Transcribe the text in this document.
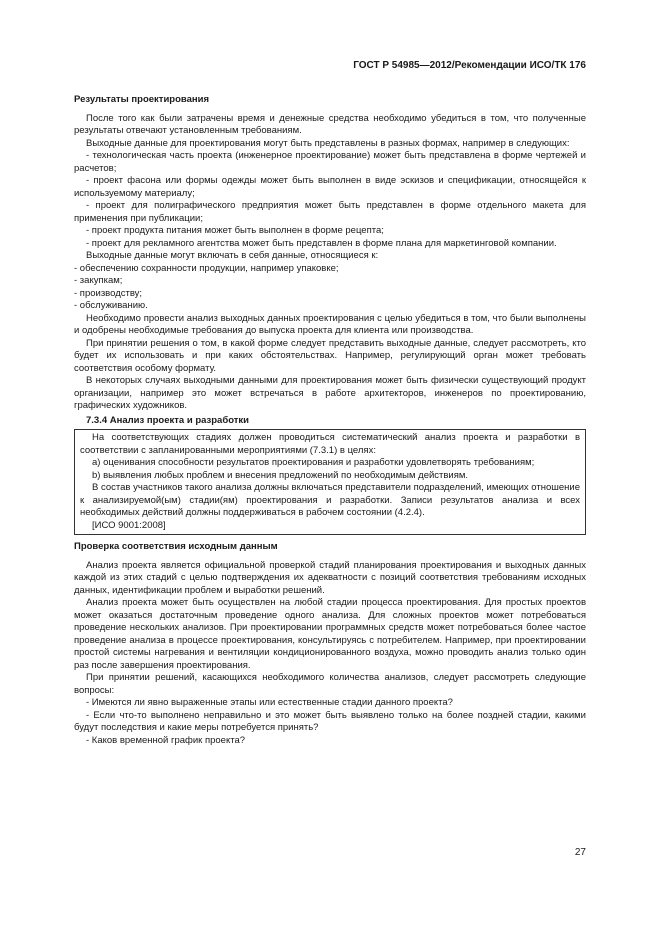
ГОСТ Р 54985—2012/Рекомендации ИСО/ТК 176

Результаты проектирования

После того как были затрачены время и денежные средства необходимо убедиться в том, что полученные результаты отвечают установленным требованиям.

Выходные данные для проектирования могут быть представлены в разных формах, например в следующих:

- технологическая часть проекта (инженерное проектирование) может быть представлена в форме чертежей и расчетов;

- проект фасона или формы одежды может быть выполнен в виде эскизов и спецификации, относящейся к используемому материалу;

- проект для полиграфического предприятия может быть представлен в форме отдельного макета для применения при публикации;

- проект продукта питания может быть выполнен в форме рецепта;

- проект для рекламного агентства может быть представлен в форме плана для маркетинговой компании.

Выходные данные могут включать в себя данные, относящиеся к:

- обеспечению сохранности продукции, например упаковке;

- закупкам;

- производству;

- обслуживанию.

Необходимо провести анализ выходных данных проектирования с целью убедиться в том, что были выполнены и одобрены необходимые требования до выпуска проекта для клиента или производства.

При принятии решения о том, в какой форме следует представить выходные данные, следует рассмотреть, кто будет их использовать и при каких обстоятельствах. Например, регулирующий орган может требовать соответствия особому формату.

В некоторых случаях выходными данными для проектирования может быть физически существующий продукт организации, например это может встречаться в работе архитекторов, инженеров по проектированию, графических художников.

7.3.4 Анализ проекта и разработки

На соответствующих стадиях должен проводиться систематический анализ проекта и разработки в соответствии с запланированными мероприятиями (7.3.1) в целях:

a) оценивания способности результатов проектирования и разработки удовлетворять требованиям;

b) выявления любых проблем и внесения предложений по необходимым действиям.

В состав участников такого анализа должны включаться представители подразделений, имеющих отношение к анализируемой(ым) стадии(ям) проектирования и разработки. Записи результатов анализа и всех необходимых действий должны поддерживаться в рабочем состоянии (4.2.4).

[ИСО 9001:2008]

Проверка соответствия исходным данным

Анализ проекта является официальной проверкой стадий планирования проектирования и выходных данных каждой из этих стадий с целью подтверждения их адекватности с позиций соответствия требованиям исходных данных, идентификации проблем и выработки решений.

Анализ проекта может быть осуществлен на любой стадии процесса проектирования. Для простых проектов может оказаться достаточным проведение одного анализа. Для сложных проектов может потребоваться проведение нескольких анализов. При проектировании программных средств может потребоваться более частое проведение анализа в процессе проектирования, консультируясь с потребителем. Например, при проектировании простой системы нагревания и вентиляции кондиционированного воздуха, можно проводить анализ только один раз после завершения проектирования.

При принятии решений, касающихся необходимого количества анализов, следует рассмотреть следующие вопросы:

- Имеются ли явно выраженные этапы или естественные стадии данного проекта?

- Если что-то выполнено неправильно и это может быть выявлено только на более поздней стадии, какими будут последствия и какие меры потребуется принять?

- Каков временной график проекта?

27
